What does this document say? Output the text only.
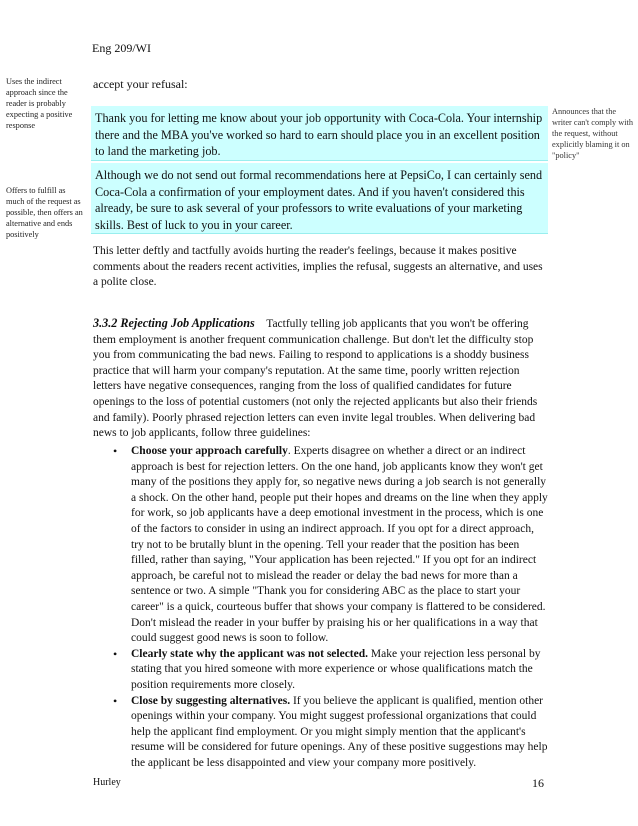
Eng 209/WI
Uses the indirect approach since the reader is probably expecting a positive response
Offers to fulfill as much of the request as possible, then offers an alternative and ends positively
Announces that the writer can't comply with the request, without explicitly blaming it on "policy"
accept your refusal:
Thank you for letting me know about your job opportunity with Coca-Cola. Your internship there and the MBA you've worked so hard to earn should place you in an excellent position to land the marketing job.
Although we do not send out formal recommendations here at PepsiCo, I can certainly send Coca-Cola a confirmation of your employment dates. And if you haven't considered this already, be sure to ask several of your professors to write evaluations of your marketing skills. Best of luck to you in your career.
This letter deftly and tactfully avoids hurting the reader's feelings, because it makes positive comments about the readers recent activities, implies the refusal, suggests an alternative, and uses a polite close.
3.3.2 Rejecting Job Applications Tactfully telling job applicants that you won't be offering them employment is another frequent communication challenge. But don't let the difficulty stop you from communicating the bad news. Failing to respond to applications is a shoddy business practice that will harm your company's reputation. At the same time, poorly written rejection letters have negative consequences, ranging from the loss of qualified candidates for future openings to the loss of potential customers (not only the rejected applicants but also their friends and family). Poorly phrased rejection letters can even invite legal troubles. When delivering bad news to job applicants, follow three guidelines:
• Choose your approach carefully. Experts disagree on whether a direct or an indirect approach is best for rejection letters. On the one hand, job applicants know they won't get many of the positions they apply for, so negative news during a job search is not generally a shock. On the other hand, people put their hopes and dreams on the line when they apply for work, so job applicants have a deep emotional investment in the process, which is one of the factors to consider in using an indirect approach. If you opt for a direct approach, try not to be brutally blunt in the opening. Tell your reader that the position has been filled, rather than saying, "Your application has been rejected." If you opt for an indirect approach, be careful not to mislead the reader or delay the bad news for more than a sentence or two. A simple "Thank you for considering ABC as the place to start your career" is a quick, courteous buffer that shows your company is flattered to be considered. Don't mislead the reader in your buffer by praising his or her qualifications in a way that could suggest good news is soon to follow.
• Clearly state why the applicant was not selected. Make your rejection less personal by stating that you hired someone with more experience or whose qualifications match the position requirements more closely.
• Close by suggesting alternatives. If you believe the applicant is qualified, mention other openings within your company. You might suggest professional organizations that could help the applicant find employment. Or you might simply mention that the applicant's resume will be considered for future openings. Any of these positive suggestions may help the applicant be less disappointed and view your company more positively.
Hurley	16
